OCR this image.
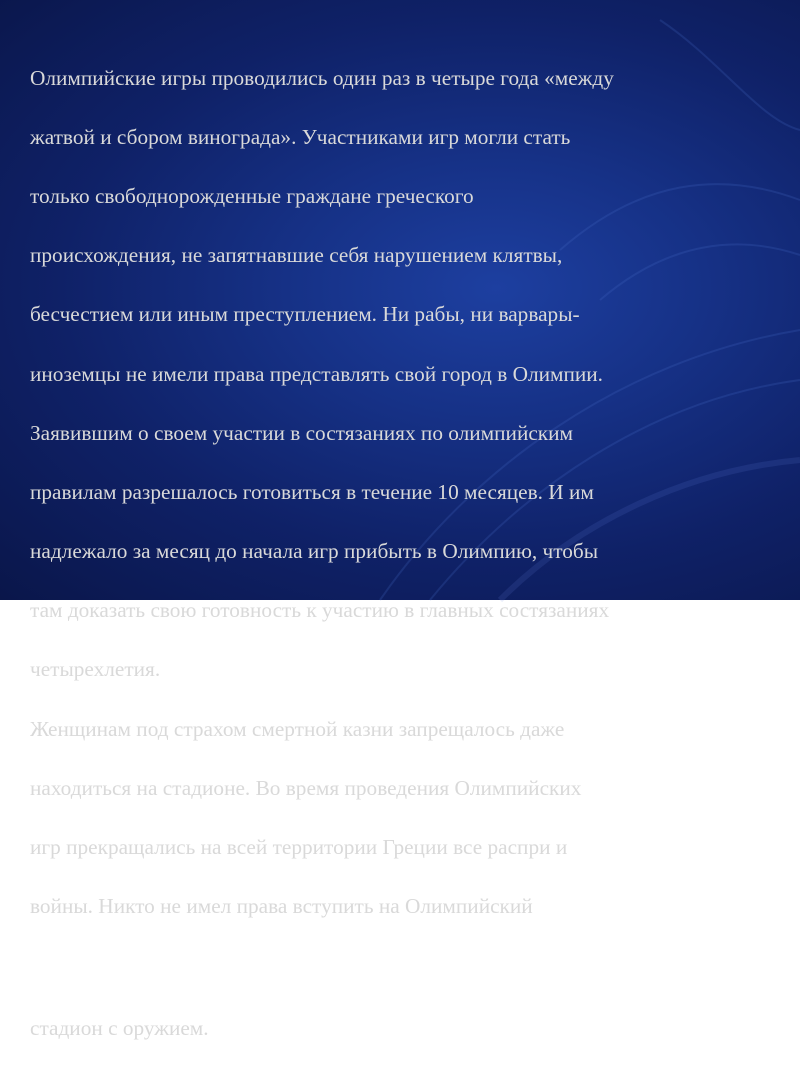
Олимпийские игры проводились один раз в четыре года «между

жатвой и сбором винограда». Участниками игр могли стать

только свободнорожденные граждане греческого

происхождения, не запятнавшие себя нарушением клятвы,

бесчестием или иным преступлением. Ни рабы, ни варвары-

иноземцы не имели права представлять свой город в Олимпии.

Заявившим о своем участии в состязаниях по олимпийским

правилам разрешалось готовиться в течение 10 месяцев. И им

надлежало за месяц до начала игр прибыть в Олимпию, чтобы

там доказать свою готовность к участию в главных состязаниях

четырехлетия.

Женщинам под страхом смертной казни запрещалось даже

находиться на стадионе. Во время проведения Олимпийских

игр прекращались на всей территории Греции все распри и

войны. Никто не имел права вступить на Олимпийский

стадион с оружием.
